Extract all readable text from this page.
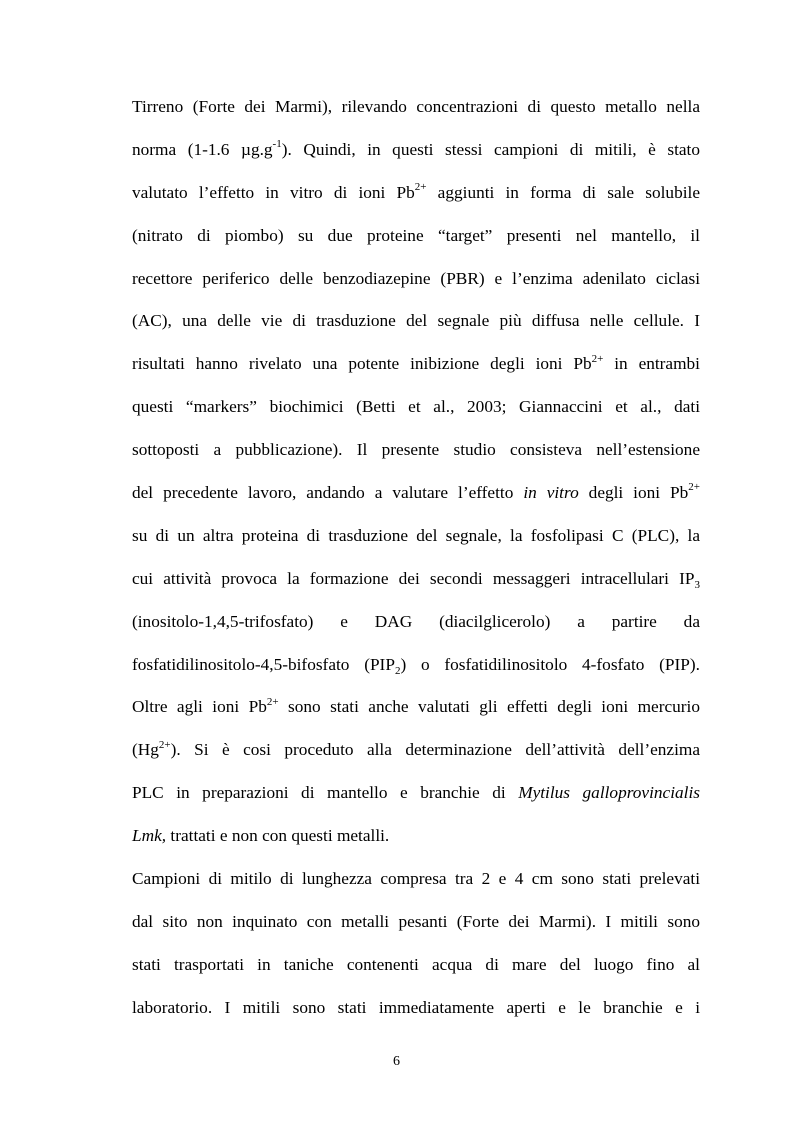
Tirreno (Forte dei Marmi), rilevando concentrazioni di questo metallo nella
norma (1-1.6 $\mu g.g^{-1}$). Quindi, in questi stessi campioni di mitili, è stato
valutato l’effetto in vitro di ioni $Pb^{2+}$ aggiunti in forma di sale solubile
(nitrato di piombo) su due proteine “target” presenti nel mantello, il
recettore periferico delle benzodiazepine (PBR) e l’enzima adenilato ciclasi
(AC), una delle vie di trasduzione del segnale più diffusa nelle cellule. I
risultati hanno rivelato una potente inibizione degli ioni $Pb^{2+}$ in entrambi
questi “markers” biochimici (Betti et al., 2003; Giannaccini et al., dati
sottoposti a pubblicazione). Il presente studio consisteva nell’estensione
del precedente lavoro, andando a valutare l’effetto in vitro degli ioni $Pb^{2+}$
su di un altra proteina di trasduzione del segnale, la fosfolipasi C (PLC), la
cui attività provoca la formazione dei secondi messaggeri intracellulari $IP_3$
(inositolo-1,4,5-trifosfato) e DAG (diacilglicerolo) a partire da
fosfatidilinositolo-4,5-bifosfato $(PIP_2)$ o fosfatidilinositolo 4-fosfato (PIP).
Oltre agli ioni $Pb^{2+}$ sono stati anche valutati gli effetti degli ioni mercurio
$(Hg^{2+})$. Si è cosi proceduto alla determinazione dell’attività dell’enzima
PLC in preparazioni di mantello e branchie di Mytilus galloprovincialis
Lmk, trattati e non con questi metalli.
Campioni di mitilo di lunghezza compresa tra 2 e 4 cm sono stati prelevati
dal sito non inquinato con metalli pesanti (Forte dei Marmi). I mitili sono
stati trasportati in taniche contenenti acqua di mare del luogo fino al
laboratorio. I mitili sono stati immediatamente aperti e le branchie e i
6
